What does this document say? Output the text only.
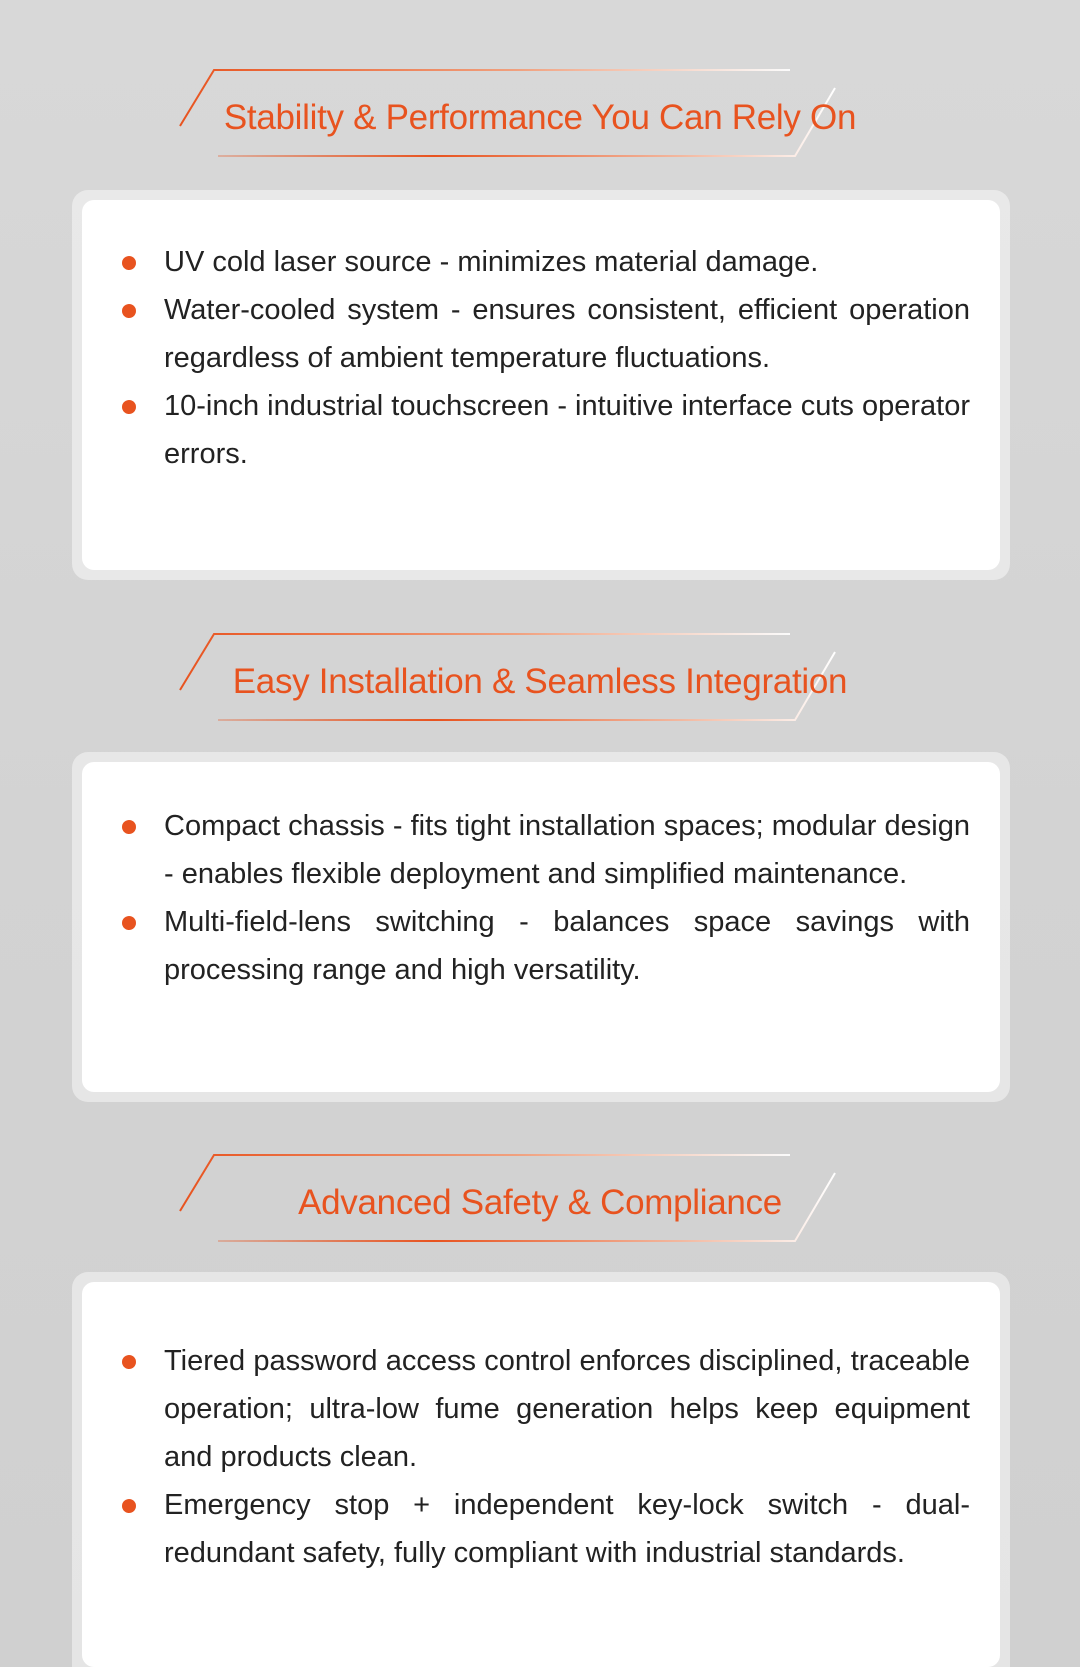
Stability & Performance You Can Rely On
UV cold laser source - minimizes material damage.
Water-cooled system - ensures consistent, efficient operation regardless of ambient temperature fluctuations.
10-inch industrial touchscreen - intuitive interface cuts operator errors.
Easy Installation & Seamless Integration
Compact chassis - fits tight installation spaces; modular design - enables flexible deployment and simplified maintenance.
Multi-field-lens switching - balances space savings with processing range and high versatility.
Advanced Safety & Compliance
Tiered password access control enforces disciplined, traceable operation; ultra-low fume generation helps keep equipment and products clean.
Emergency stop + independent key-lock switch - dual-redundant safety, fully compliant with industrial standards.
